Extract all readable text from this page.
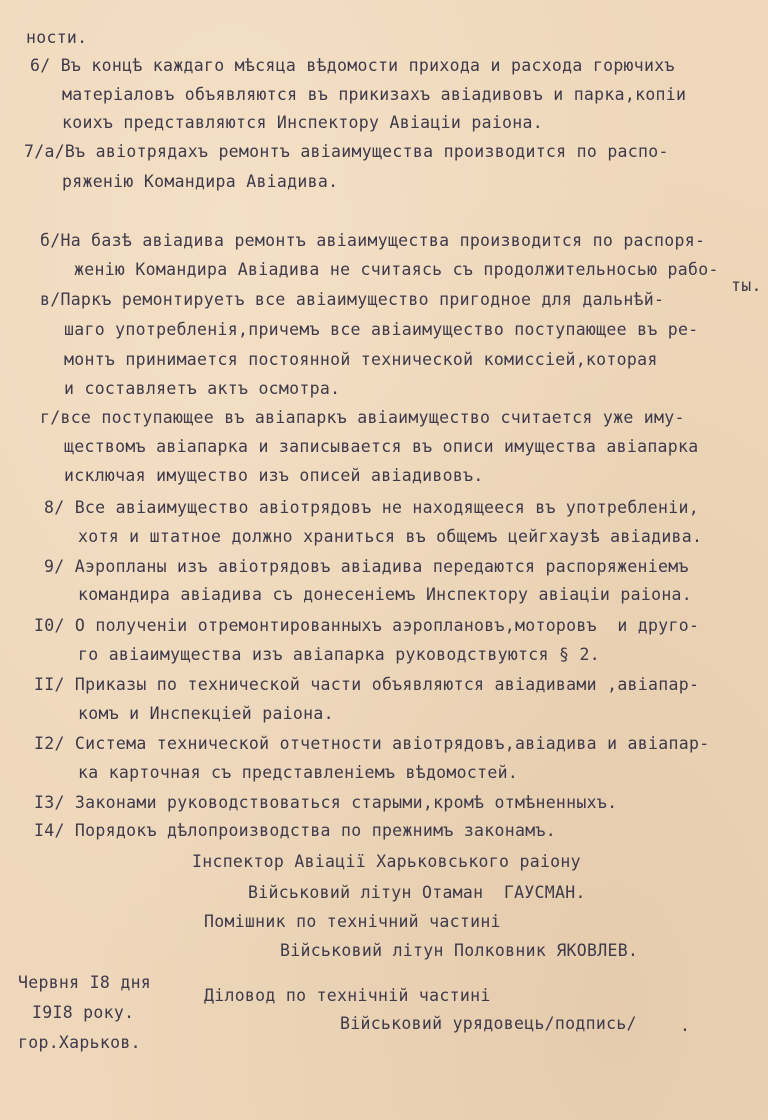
ности.
6/ Въ концѣ каждаго мѣсяца вѣдомости прихода и расхода горючихъ
матеріаловъ объявляются въ прикизахъ авіадивовъ и парка,копіи
коихъ представляются Инспектору Авіаціи раіона.
7/а/Въ авіотрядахъ ремонтъ авіаимущества производится по распо-
ряженію Командира Авіадива.
б/На базѣ авіадива ремонтъ авіаимущества производится по распоря-
женію Командира Авіадива не считаясь съ продолжительносью рабо-
ты.
в/Паркъ ремонтируетъ все авіаимущество пригодное для дальнѣй-
шаго употребленія,причемъ все авіаимущество поступающее въ ре-
монтъ принимается постоянной технической комиссіей,которая
и составляетъ актъ осмотра.
г/все поступающее въ авіапаркъ авіаимущество считается уже иму-
ществомъ авіапарка и записывается въ описи имущества авіапарка
исключая имущество изъ описей авіадивовъ.
8/ Все авіаимущество авіотрядовъ не находящееся въ употребленіи,
хотя и штатное должно храниться въ общемъ цейгхаузѣ авіадива.
9/ Аэропланы изъ авіотрядовъ авіадива передаются распоряженіемъ
командира авіадива съ донесеніемъ Инспектору авіаціи раіона.
I0/ О полученіи отремонтированныхъ аэроплановъ,моторовъ  и друго-
го авіаимущества изъ авіапарка руководствуются § 2.
II/ Приказы по технической части объявляются авіадивами ,авіапар-
комъ и Инспекціей раіона.
I2/ Система технической отчетности авіотрядовъ,авіадива и авіапар-
ка карточная съ представленіемъ вѣдомостей.
I3/ Законами руководствоваться старыми,кромѣ отмѣненныхъ.
I4/ Порядокъ дѣлопроизводства по прежнимъ законамъ.
Інспектор Авіації Харьковського раіону
Військовий літун Отаман  ГАУСМАН.
Помішник по технічний частині
Військовий літун Полковник ЯКОВЛЕВ.
Червня I8 дня
Діловод по технічній частині
I9I8 року.
Військовий урядовець/подпись/	.
гор.Харьков.
